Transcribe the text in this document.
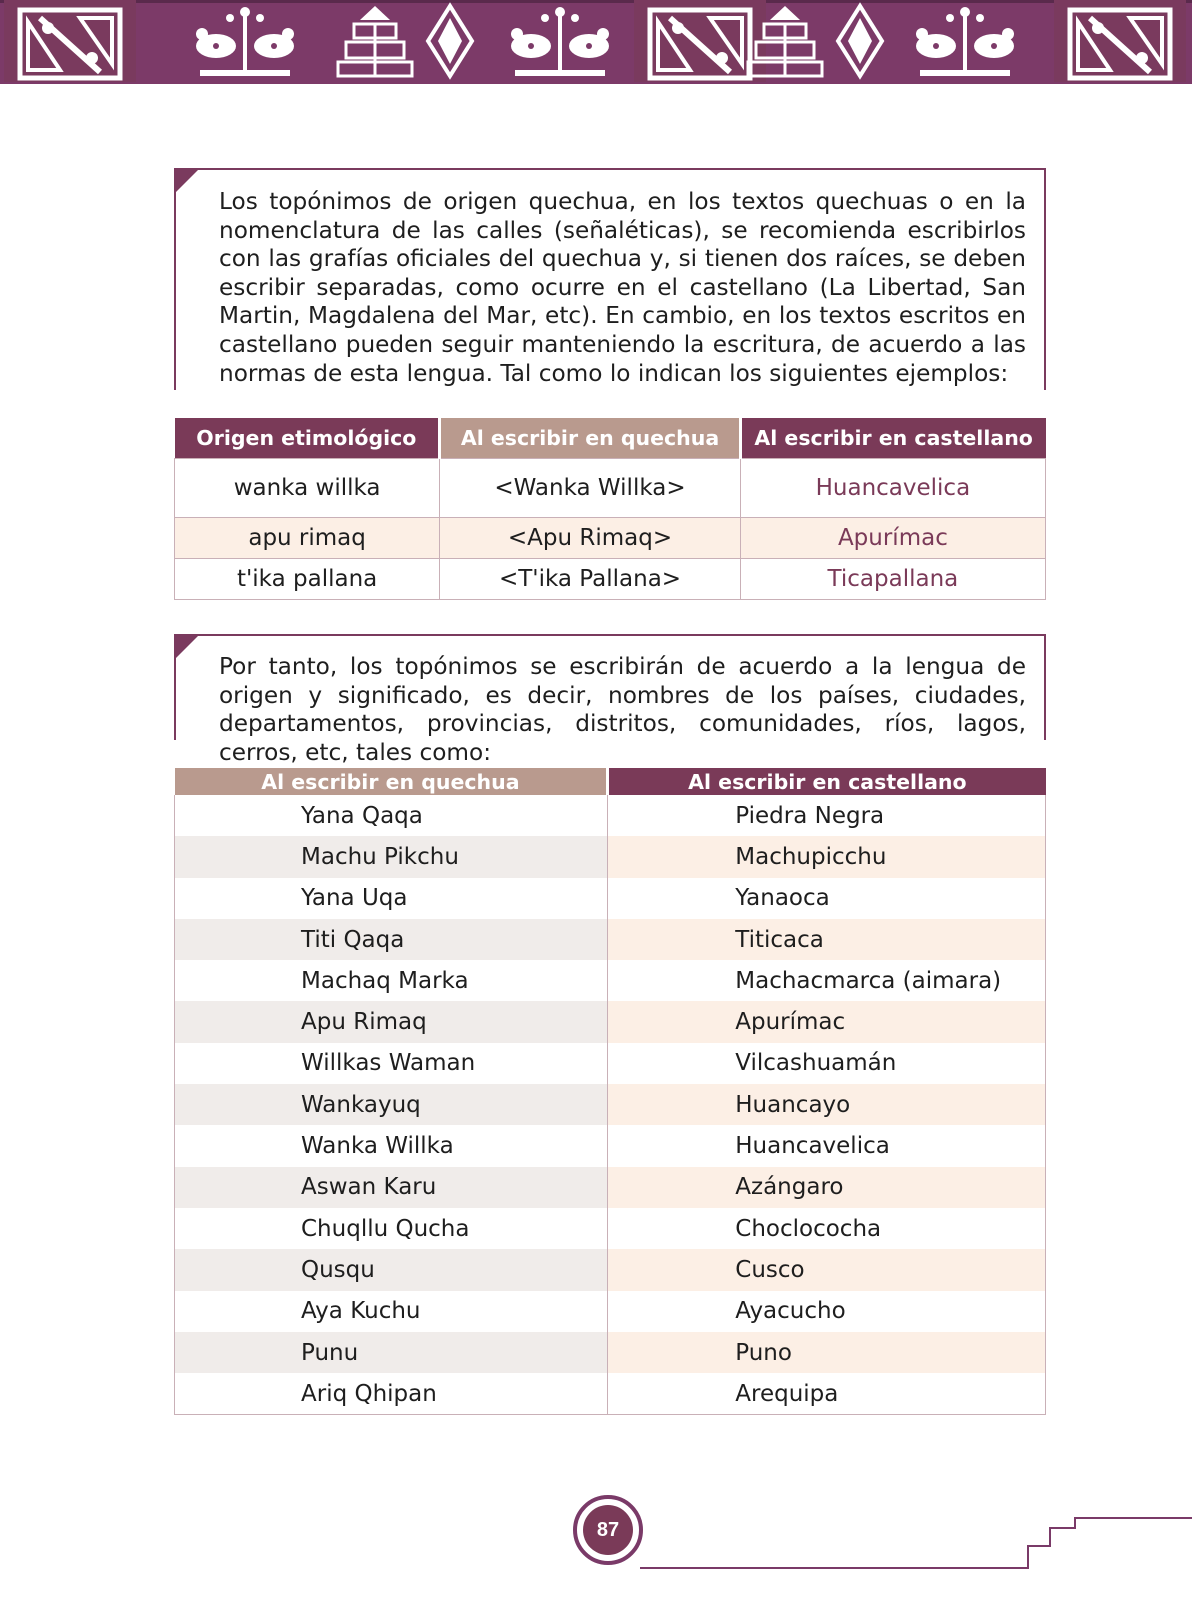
Los topónimos de origen quechua, en los textos quechuas o en la nomenclatura de las calles (señaléticas), se recomienda escribirlos con las grafías oficiales del quechua y, si tienen dos raíces, se deben escribir separadas, como ocurre en el castellano (La Libertad, San Martin, Magdalena del Mar, etc). En cambio, en los textos escritos en castellano pueden seguir manteniendo la escritura, de acuerdo a las normas de esta lengua. Tal como lo indican los siguientes ejemplos:

Origen etimológico	Al escribir en quechua	Al escribir en castellano
wanka willka	<Wanka Willka>	Huancavelica
apu rimaq	<Apu Rimaq>	Apurímac
t'ika pallana	<T'ika Pallana>	Ticapallana

Por tanto, los topónimos se escribirán de acuerdo a la lengua de origen y significado, es decir, nombres de los países, ciudades, departamentos, provincias, distritos, comunidades, ríos, lagos, cerros, etc, tales como:

Al escribir en quechua	Al escribir en castellano
Yana Qaqa	Piedra Negra
Machu Pikchu	Machupicchu
Yana Uqa	Yanaoca
Titi Qaqa	Titicaca
Machaq Marka	Machacmarca (aimara)
Apu Rimaq	Apurímac
Willkas Waman	Vilcashuamán
Wankayuq	Huancayo
Wanka Willka	Huancavelica
Aswan Karu	Azángaro
Chuqllu Qucha	Choclococha
Qusqu	Cusco
Aya Kuchu	Ayacucho
Punu	Puno
Ariq Qhipan	Arequipa
87
